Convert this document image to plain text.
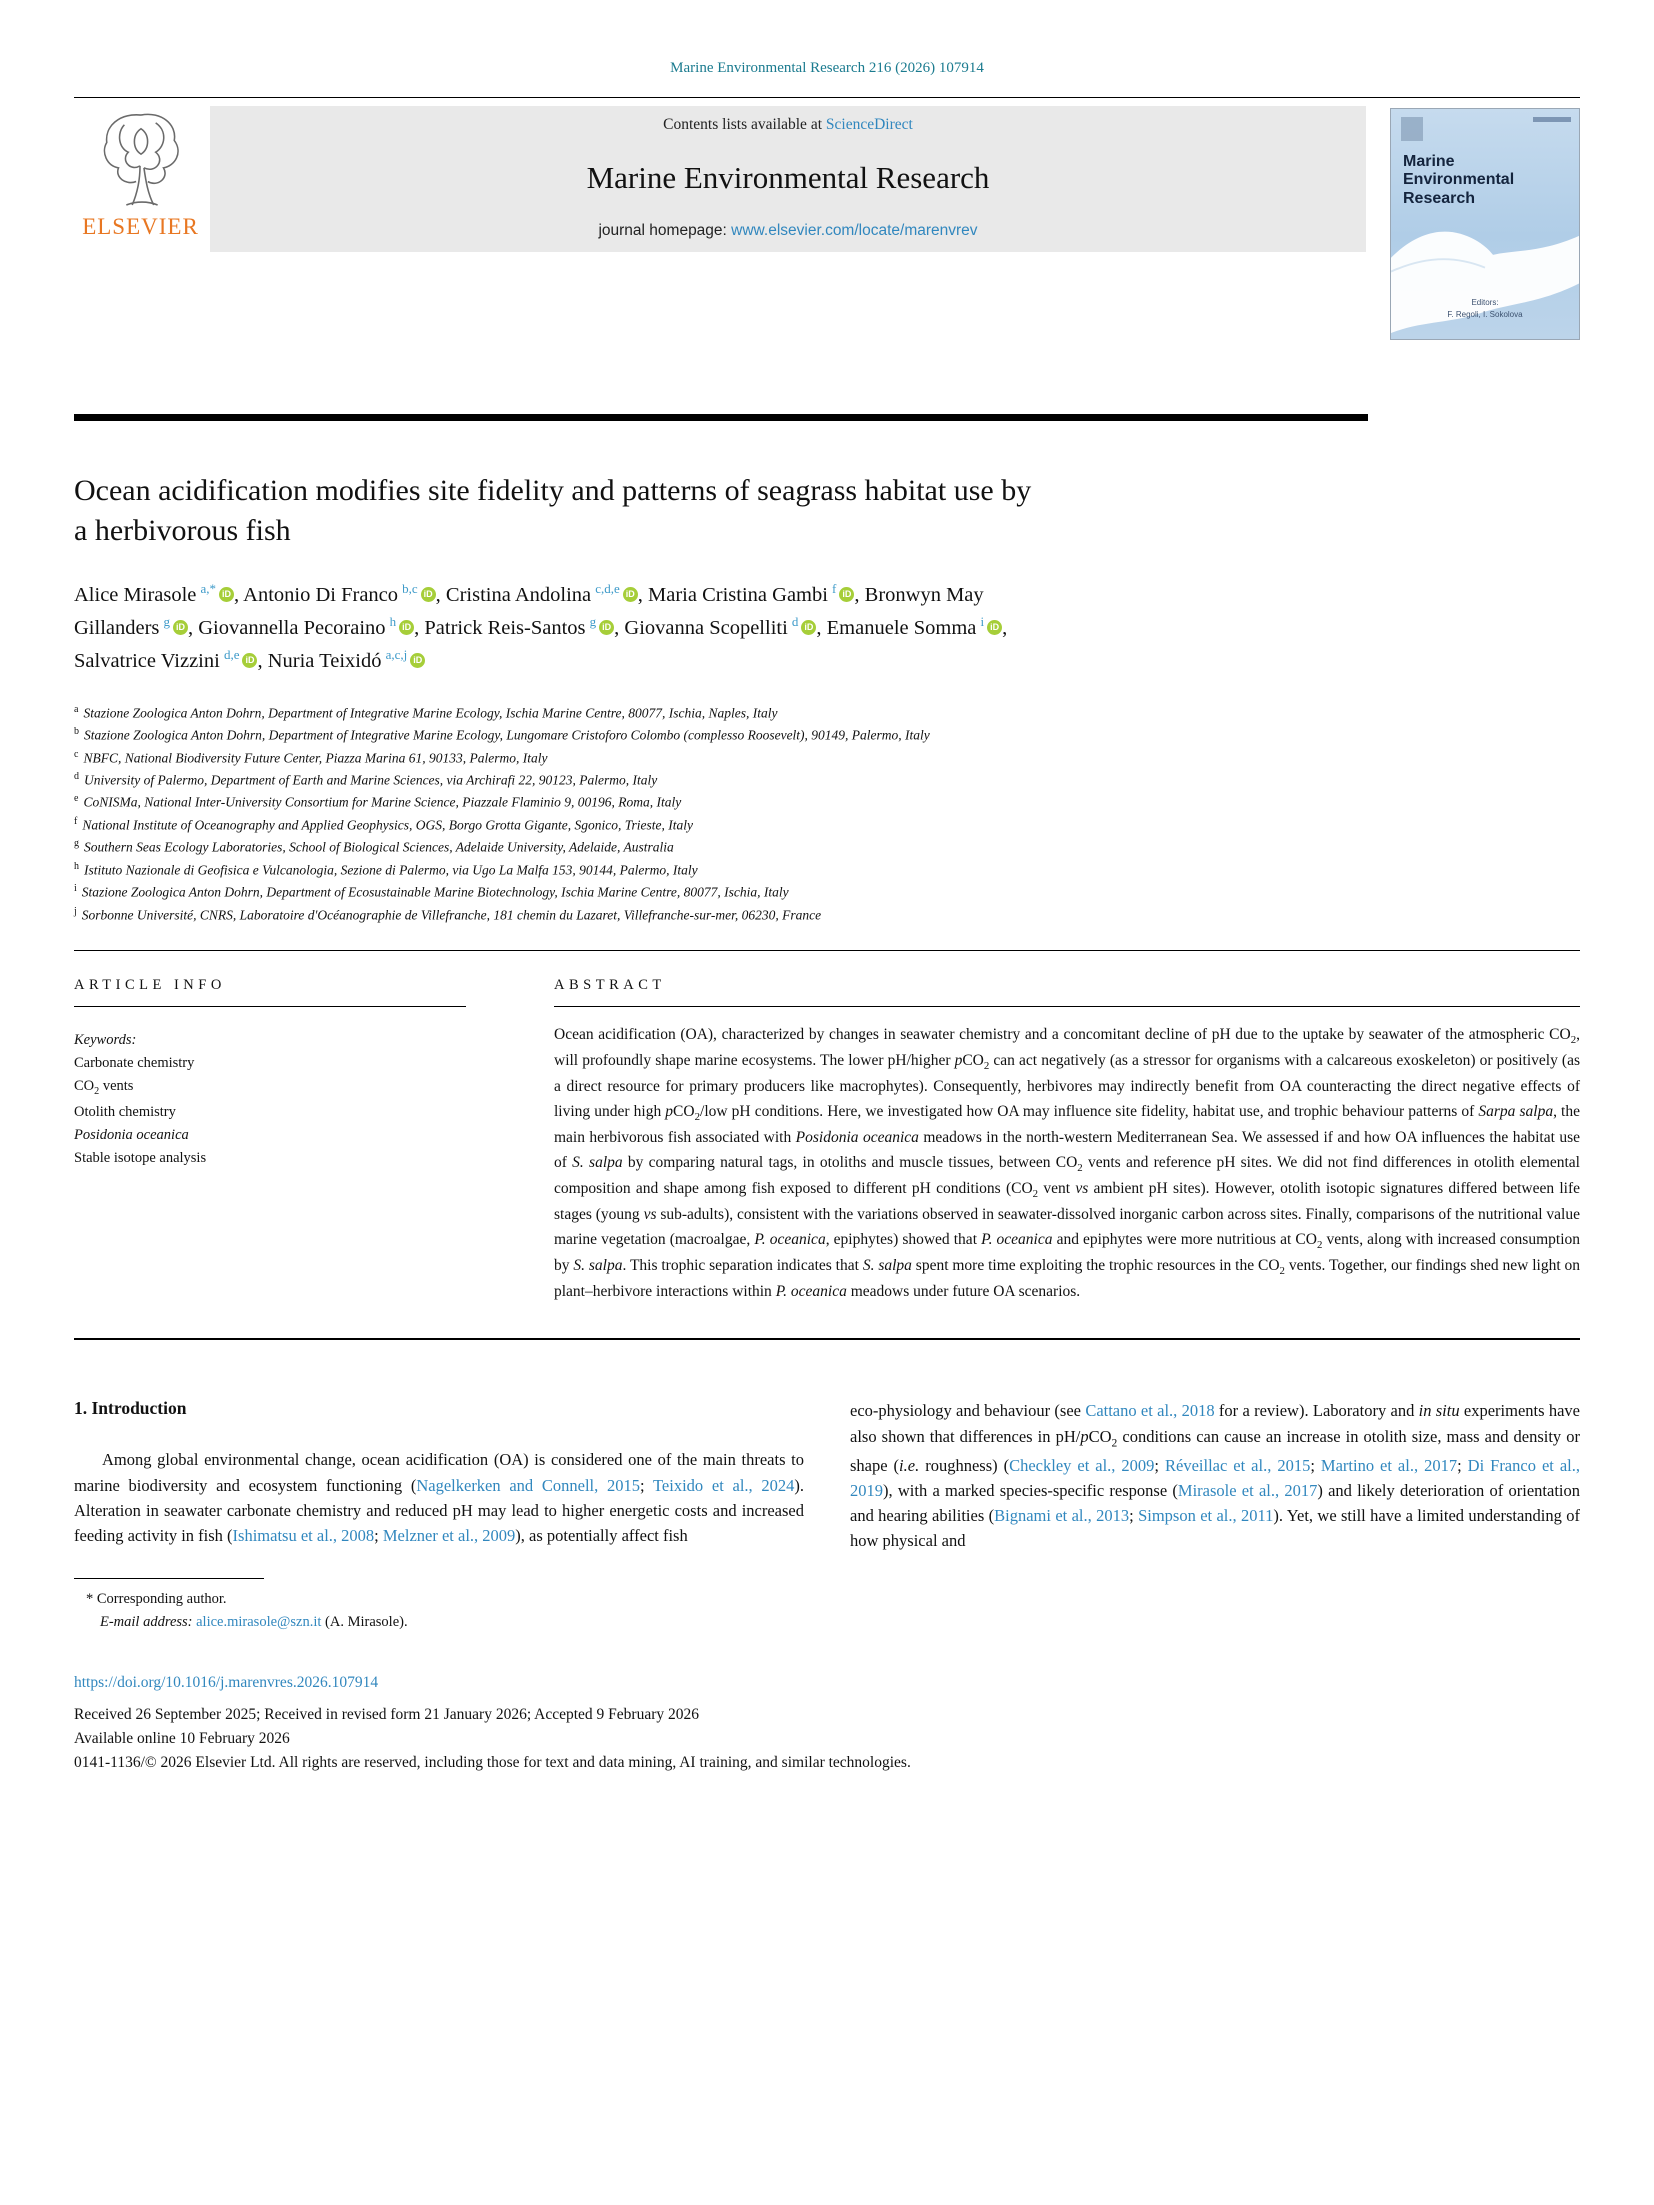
Marine Environmental Research 216 (2026) 107914
ELSEVIER
Contents lists available at ScienceDirect
Marine Environmental Research
journal homepage: www.elsevier.com/locate/marenvrev
Marine Environmental Research
Editors:
F. Regoli, I. Sokolova
Ocean acidification modifies site fidelity and patterns of seagrass habitat use by a herbivorous fish
Alice Mirasole $^{a,*}$ iD , Antonio Di Franco $^{b,c}$ iD , Cristina Andolina $^{c,d,e}$ iD , Maria Cristina Gambi $^f$ iD , Bronwyn May Gillanders $^g$ iD , Giovannella Pecoraino $^h$ iD , Patrick Reis-Santos $^g$ iD , Giovanna Scopelliti $^d$ iD , Emanuele Somma $^i$ iD , Salvatrice Vizzini $^{d,e}$ iD , Nuria Teixidó $^{a,c,j}$ iD
$^a$ Stazione Zoologica Anton Dohrn, Department of Integrative Marine Ecology, Ischia Marine Centre, 80077, Ischia, Naples, Italy
$^b$ Stazione Zoologica Anton Dohrn, Department of Integrative Marine Ecology, Lungomare Cristoforo Colombo (complesso Roosevelt), 90149, Palermo, Italy
$^c$ NBFC, National Biodiversity Future Center, Piazza Marina 61, 90133, Palermo, Italy
$^d$ University of Palermo, Department of Earth and Marine Sciences, via Archirafi 22, 90123, Palermo, Italy
$^e$ CoNISMa, National Inter-University Consortium for Marine Science, Piazzale Flaminio 9, 00196, Roma, Italy
$^f$ National Institute of Oceanography and Applied Geophysics, OGS, Borgo Grotta Gigante, Sgonico, Trieste, Italy
$^g$ Southern Seas Ecology Laboratories, School of Biological Sciences, Adelaide University, Adelaide, Australia
$^h$ Istituto Nazionale di Geofisica e Vulcanologia, Sezione di Palermo, via Ugo La Malfa 153, 90144, Palermo, Italy
$^i$ Stazione Zoologica Anton Dohrn, Department of Ecosustainable Marine Biotechnology, Ischia Marine Centre, 80077, Ischia, Italy
$^j$ Sorbonne Université, CNRS, Laboratoire d'Océanographie de Villefranche, 181 chemin du Lazaret, Villefranche-sur-mer, 06230, France
ARTICLE INFO
Keywords:
Carbonate chemistry
$CO_2$ vents
Otolith chemistry
Posidonia oceanica
Stable isotope analysis
ABSTRACT
Ocean acidification (OA), characterized by changes in seawater chemistry and a concomitant decline of pH due to the uptake by seawater of the atmospheric $CO_2$, will profoundly shape marine ecosystems. The lower pH/higher pCO$_2$ can act negatively (as a stressor for organisms with a calcareous exoskeleton) or positively (as a direct resource for primary producers like macrophytes). Consequently, herbivores may indirectly benefit from OA counteracting the direct negative effects of living under high pCO$_2$/low pH conditions. Here, we investigated how OA may influence site fidelity, habitat use, and trophic behaviour patterns of Sarpa salpa, the main herbivorous fish associated with Posidonia oceanica meadows in the north-western Mediterranean Sea. We assessed if and how OA influences the habitat use of S. salpa by comparing natural tags, in otoliths and muscle tissues, between $CO_2$ vents and reference pH sites. We did not find differences in otolith elemental composition and shape among fish exposed to different pH conditions ($CO_2$ vent vs ambient pH sites). However, otolith isotopic signatures differed between life stages (young vs sub-adults), consistent with the variations observed in seawater-dissolved inorganic carbon across sites. Finally, comparisons of the nutritional value marine vegetation (macroalgae, P. oceanica, epiphytes) showed that P. oceanica and epiphytes were more nutritious at $CO_2$ vents, along with increased consumption by S. salpa. This trophic separation indicates that S. salpa spent more time exploiting the trophic resources in the $CO_2$ vents. Together, our findings shed new light on plant–herbivore interactions within P. oceanica meadows under future OA scenarios.
1. Introduction
Among global environmental change, ocean acidification (OA) is considered one of the main threats to marine biodiversity and ecosystem functioning (Nagelkerken and Connell, 2015; Teixido et al., 2024). Alteration in seawater carbonate chemistry and reduced pH may lead to higher energetic costs and increased feeding activity in fish (Ishimatsu et al., 2008; Melzner et al., 2009), as potentially affect fish
* Corresponding author.
E-mail address: alice.mirasole@szn.it (A. Mirasole).
eco-physiology and behaviour (see Cattano et al., 2018 for a review). Laboratory and in situ experiments have also shown that differences in pH/pCO$_2$ conditions can cause an increase in otolith size, mass and density or shape (i.e. roughness) (Checkley et al., 2009; Réveillac et al., 2015; Martino et al., 2017; Di Franco et al., 2019), with a marked species-specific response (Mirasole et al., 2017) and likely deterioration of orientation and hearing abilities (Bignami et al., 2013; Simpson et al., 2011). Yet, we still have a limited understanding of how physical and
https://doi.org/10.1016/j.marenvres.2026.107914
Received 26 September 2025; Received in revised form 21 January 2026; Accepted 9 February 2026
Available online 10 February 2026
0141-1136/© 2026 Elsevier Ltd. All rights are reserved, including those for text and data mining, AI training, and similar technologies.
